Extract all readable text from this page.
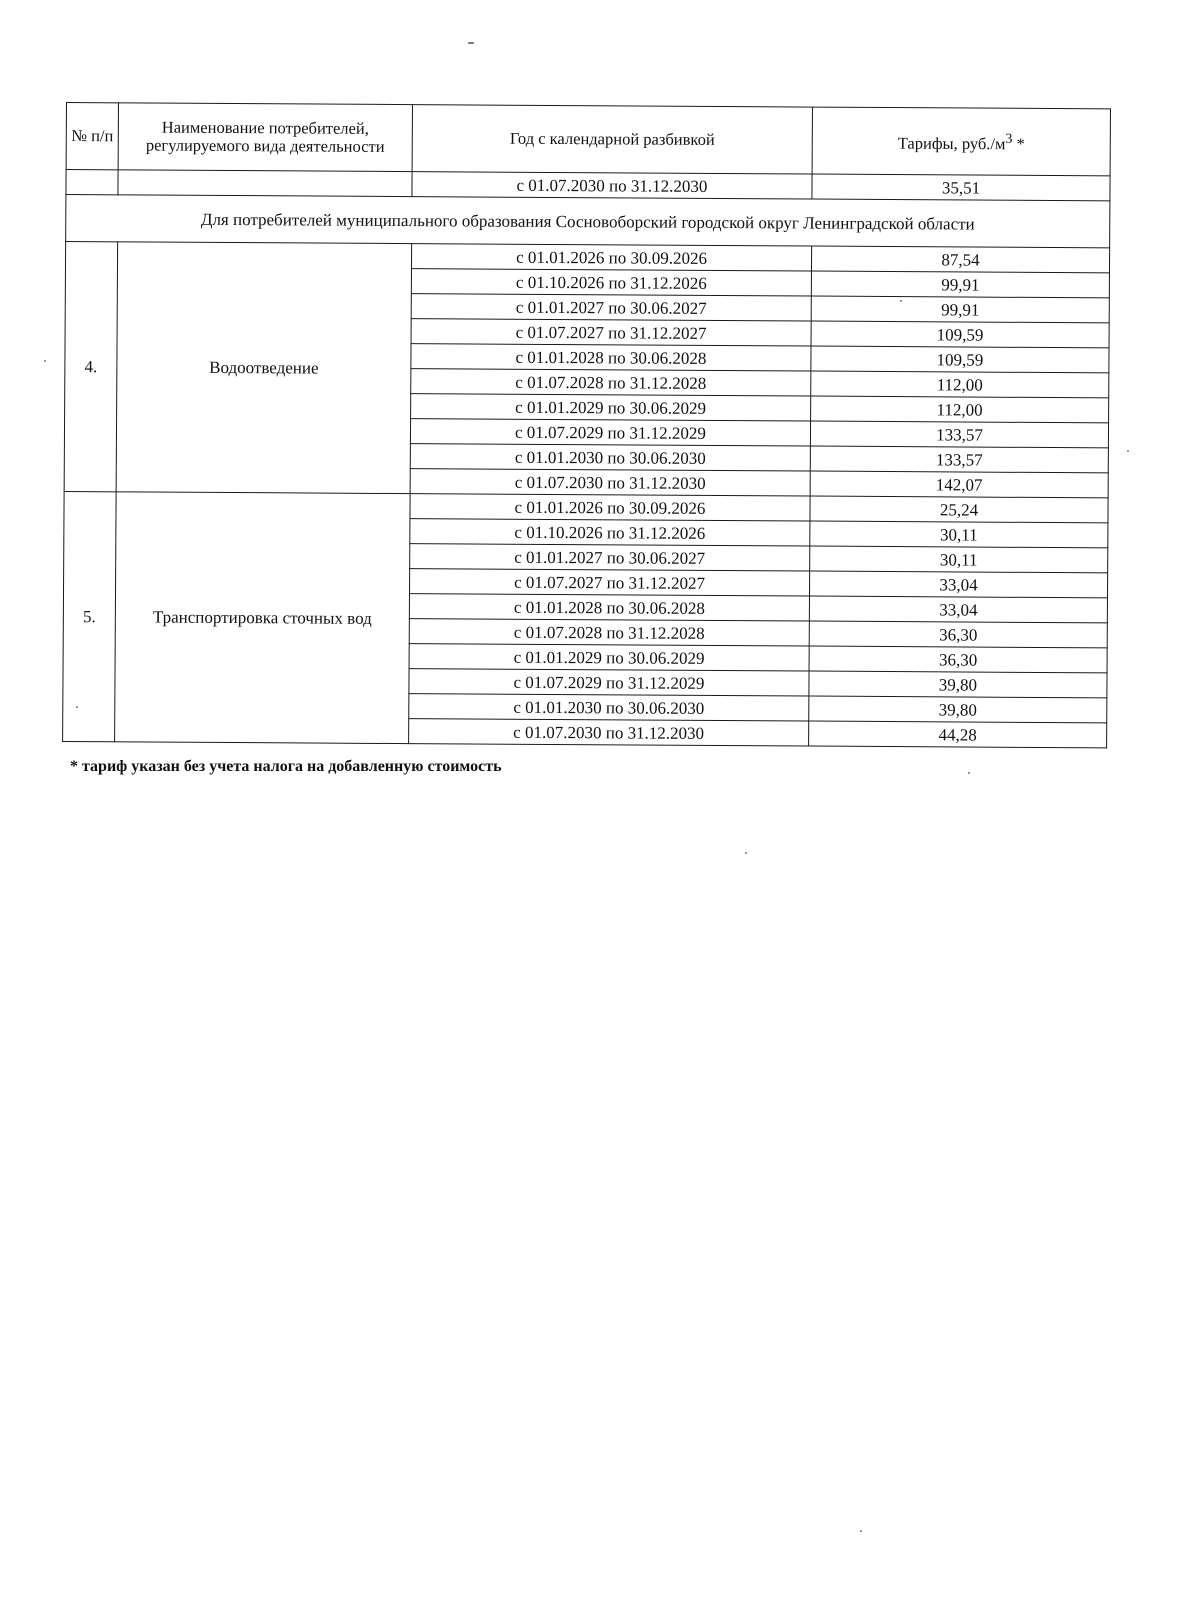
№ п/п	Наименование потребителей, регулируемого вида деятельности	Год с календарной разбивкой	Тарифы, $руб./м^3$ *
		с 01.07.2030 по 31.12.2030	35,51
Для потребителей муниципального образования Сосновоборский городской округ Ленинградской области			
4.	Водоотведение	с 01.01.2026 по 30.09.2026	87,54
		с 01.10.2026 по 31.12.2026	99,91
		с 01.01.2027 по 30.06.2027	99,91
		с 01.07.2027 по 31.12.2027	109,59
		с 01.01.2028 по 30.06.2028	109,59
		с 01.07.2028 по 31.12.2028	112,00
		с 01.01.2029 по 30.06.2029	112,00
		с 01.07.2029 по 31.12.2029	133,57
		с 01.01.2030 по 30.06.2030	133,57
		с 01.07.2030 по 31.12.2030	142,07
5.	Транспортировка сточных вод	с 01.01.2026 по 30.09.2026	25,24
		с 01.10.2026 по 31.12.2026	30,11
		с 01.01.2027 по 30.06.2027	30,11
		с 01.07.2027 по 31.12.2027	33,04
		с 01.01.2028 по 30.06.2028	33,04
		с 01.07.2028 по 31.12.2028	36,30
		с 01.01.2029 по 30.06.2029	36,30
		с 01.07.2029 по 31.12.2029	39,80
		с 01.01.2030 по 30.06.2030	39,80
		с 01.07.2030 по 31.12.2030	44,28
* тариф указан без учета налога на добавленную стоимость
